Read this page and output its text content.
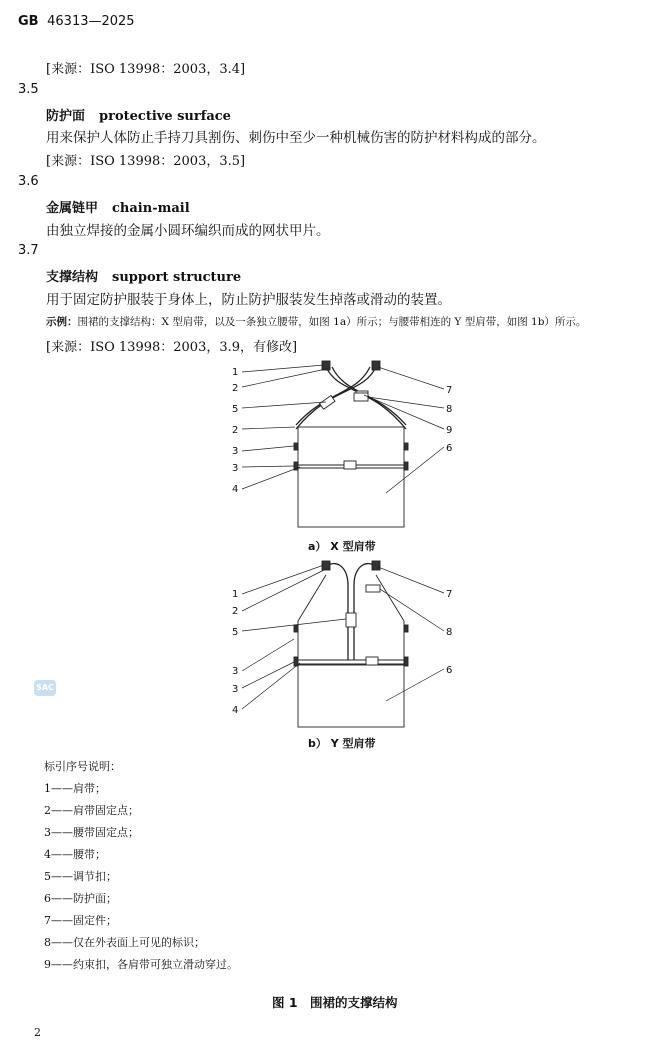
GB 46313—2025
[来源：ISO 13998：2003，3.4]
3.5
防护面 protective surface
用来保护人体防止手持刀具割伤、刺伤中至少一种机械伤害的防护材料构成的部分。
[来源：ISO 13998：2003，3.5]
3.6
金属链甲 chain-mail
由独立焊接的金属小圆环编织而成的网状甲片。
3.7
支撑结构 support structure
用于固定防护服装于身体上，防止防护服装发生掉落或滑动的装置。
示例：围裙的支撑结构：X 型肩带，以及一条独立腰带，如图 1a）所示；与腰带相连的 Y 型肩带，如图 1b）所示。
[来源：ISO 13998：2003，3.9，有修改]
1
2
5
2
3
3
4
7
8
9
6
a） X 型肩带
1
2
5
3
3
4
7
8
6
b） Y 型肩带
SAC
标引序号说明：
1——肩带；
2——肩带固定点；
3——腰带固定点；
4——腰带；
5——调节扣；
6——防护面；
7——固定件；
8——仅在外表面上可见的标识；
9——约束扣，各肩带可独立滑动穿过。
图 1　围裙的支撑结构
2
